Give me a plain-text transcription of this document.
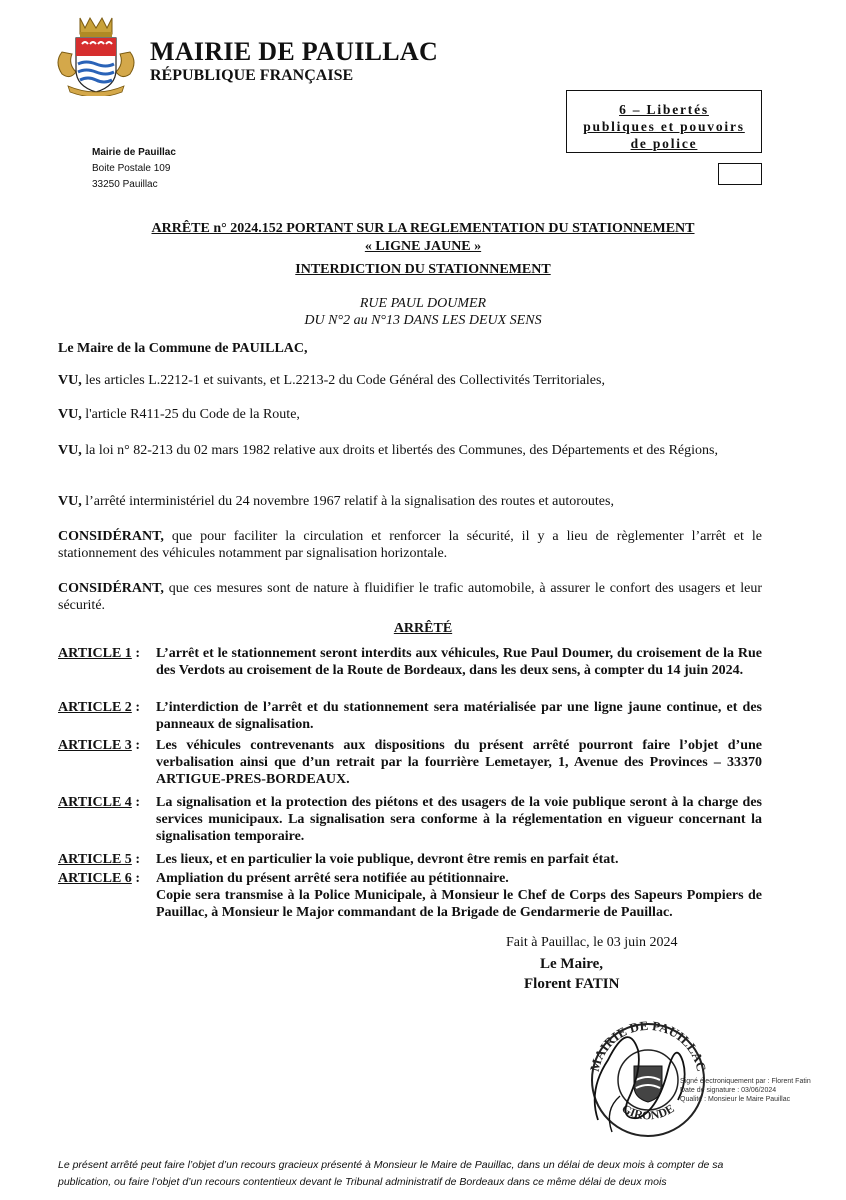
MAIRIE DE PAUILLAC
RÉPUBLIQUE FRANÇAISE
6 – Libertés
publiques et pouvoirs
de police
Mairie de Pauillac
Boite Postale 109
33250 Pauillac
ARRÊTE n° 2024.152 PORTANT SUR LA REGLEMENTATION DU STATIONNEMENT
« LIGNE JAUNE »
INTERDICTION DU STATIONNEMENT
RUE PAUL DOUMER
DU N°2 au N°13 DANS LES DEUX SENS
Le Maire de la Commune de PAUILLAC,
VU, les articles L.2212-1 et suivants, et L.2213-2 du Code Général des Collectivités Territoriales,
VU, l'article R411-25 du Code de la Route,
VU, la loi n° 82-213 du 02 mars 1982 relative aux droits et libertés des Communes, des Départements et des Régions,
VU, l’arrêté interministériel du 24 novembre 1967 relatif à la signalisation des routes et autoroutes,
CONSIDÉRANT, que pour faciliter la circulation et renforcer la sécurité, il y a lieu de règlementer l’arrêt et le stationnement des véhicules notamment par signalisation horizontale.
CONSIDÉRANT, que ces mesures sont de nature à fluidifier le trafic automobile, à assurer le confort des usagers et leur sécurité.
ARRÊTÉ
ARTICLE 1 :	L’arrêt et le stationnement seront interdits aux véhicules, Rue Paul Doumer, du croisement de la Rue des Verdots au croisement de la Route de Bordeaux, dans les deux sens, à compter du 14 juin 2024.
ARTICLE 2 :	L’interdiction de l’arrêt et du stationnement sera matérialisée par une ligne jaune continue, et des panneaux de signalisation.
ARTICLE 3 :	Les véhicules contrevenants aux dispositions du présent arrêté pourront faire l’objet d’une verbalisation ainsi que d’un retrait par la fourrière Lemetayer, 1, Avenue des Provinces – 33370 ARTIGUE-PRES-BORDEAUX.
ARTICLE 4 :	La signalisation et la protection des piétons et des usagers de la voie publique seront à la charge des services municipaux. La signalisation sera conforme à la réglementation en vigueur concernant la signalisation temporaire.
ARTICLE 5 :	Les lieux, et en particulier la voie publique, devront être remis en parfait état.
ARTICLE 6 :	Ampliation du présent arrêté sera notifiée au pétitionnaire.
Copie sera transmise à la Police Municipale, à Monsieur le Chef de Corps des Sapeurs Pompiers de Pauillac, à Monsieur le Major commandant de la Brigade de Gendarmerie de Pauillac.
Fait à Pauillac, le 03 juin 2024
Le Maire,
Florent FATIN
MAIRIE DE PAUILLAC
GIRONDE
Signé électroniquement par : Florent Fatin
Date de signature : 03/06/2024
Qualité : Monsieur le Maire Pauillac
Le présent arrêté peut faire l’objet d’un recours gracieux présenté à Monsieur le Maire de Pauillac, dans un délai de deux mois à compter de sa publication, ou faire l’objet d’un recours contentieux devant le Tribunal administratif de Bordeaux dans ce même délai de deux mois
